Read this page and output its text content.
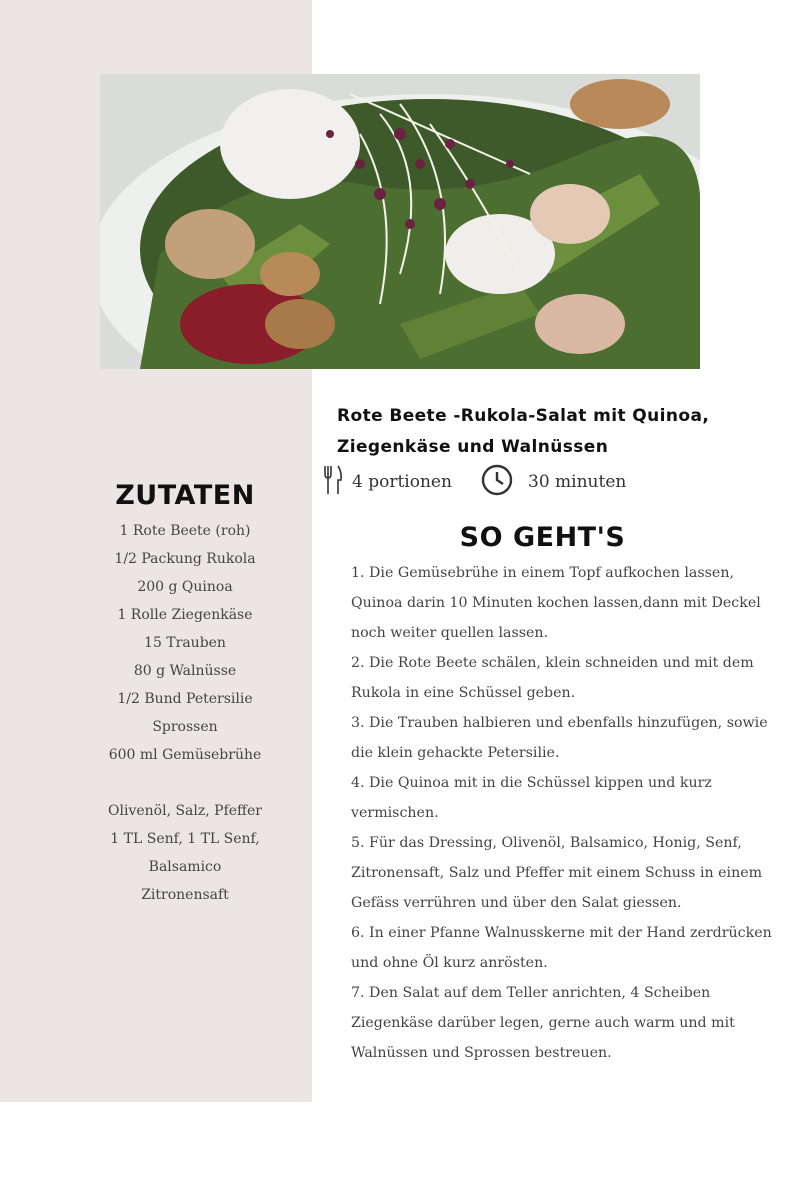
Rote Beete -Rukola-Salat mit Quinoa,
Ziegenkäse und Walnüssen
4 portionen	30 minuten
ZUTATEN
1 Rote Beete (roh)
1/2 Packung Rukola
200 g Quinoa
1 Rolle Ziegenkäse
15 Trauben
80 g Walnüsse
1/2 Bund Petersilie
Sprossen
600 ml Gemüsebrühe
Olivenöl, Salz, Pfeffer
1 TL Senf, 1 TL Senf,
Balsamico
Zitronensaft
SO GEHT'S

1. Die Gemüsebrühe in einem Topf aufkochen lassen, Quinoa darin 10 Minuten kochen lassen,dann mit Deckel noch weiter quellen lassen.

2. Die Rote Beete schälen, klein schneiden und mit dem Rukola in eine Schüssel geben.

3. Die Trauben halbieren und ebenfalls hinzufügen, sowie die klein gehackte Petersilie.

4. Die Quinoa mit in die Schüssel kippen und kurz vermischen.

5. Für das Dressing, Olivenöl, Balsamico, Honig, Senf, Zitronensaft, Salz und Pfeffer mit einem Schuss in einem Gefäss verrühren und über den Salat giessen.

6. In einer Pfanne Walnusskerne mit der Hand zerdrücken und ohne Öl kurz anrösten.

7. Den Salat auf dem Teller anrichten, 4 Scheiben Ziegenkäse darüber legen, gerne auch warm und mit Walnüssen und Sprossen bestreuen.
